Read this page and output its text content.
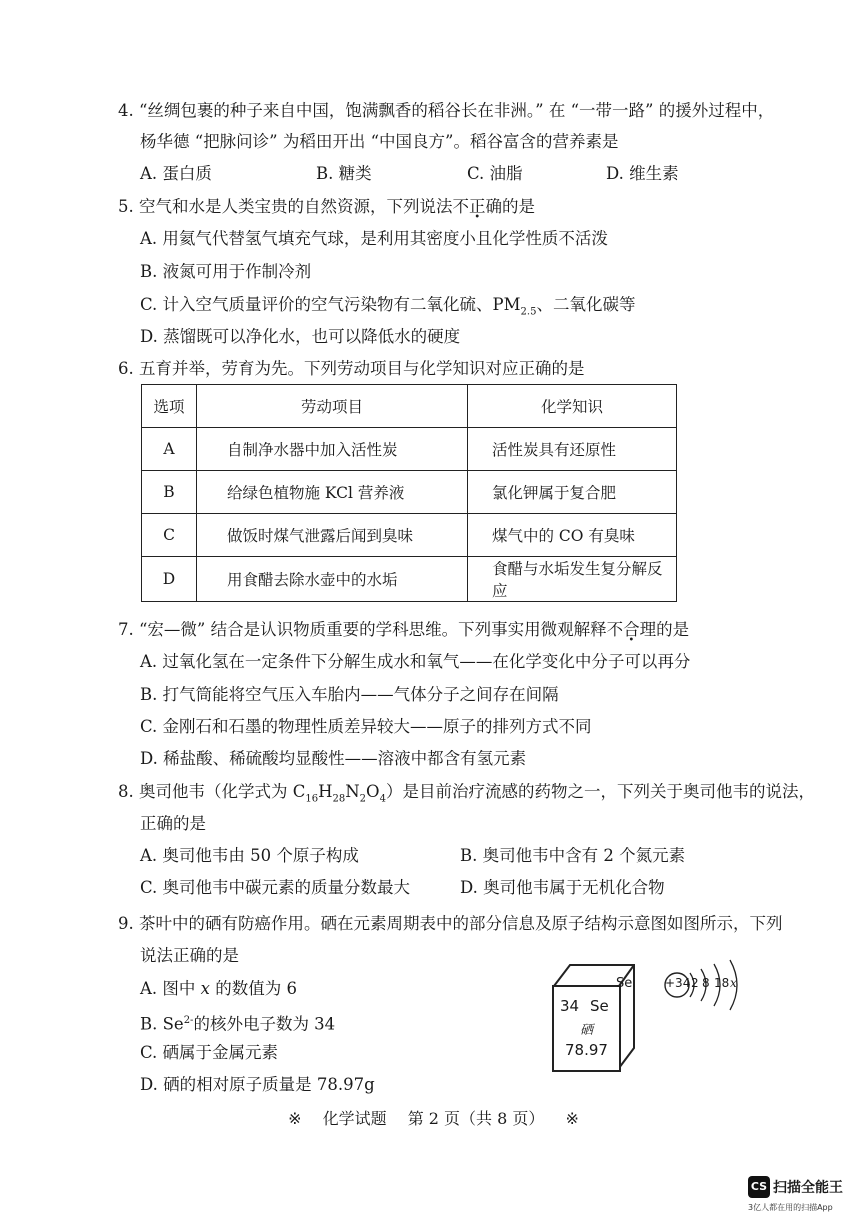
4. “丝绸包裹的种子来自中国，饱满飘香的稻谷长在非洲。” 在 “一带一路” 的援外过程中，
杨华德 “把脉问诊” 为稻田开出 “中国良方”。稻谷富含的营养素是
A. 蛋白质	B. 糖类	C. 油脂	D. 维生素
5. 空气和水是人类宝贵的自然资源，下列说法不正确的是
A. 用氦气代替氢气填充气球，是利用其密度小且化学性质不活泼
B. 液氮可用于作制冷剂
C. 计入空气质量评价的空气污染物有二氧化硫、$PM_{2.5}$、二氧化碳等
D. 蒸馏既可以净化水，也可以降低水的硬度
6. 五育并举，劳育为先。下列劳动项目与化学知识对应正确的是
选项	劳动项目	化学知识
A	自制净水器中加入活性炭	活性炭具有还原性
B	给绿色植物施 KCl 营养液	氯化钾属于复合肥
C	做饭时煤气泄露后闻到臭味	煤气中的 CO 有臭味
D	用食醋去除水壶中的水垢	食醋与水垢发生复分解反应
7. “宏—微” 结合是认识物质重要的学科思维。下列事实用微观解释不合理的是
A. 过氧化氢在一定条件下分解生成水和氧气——在化学变化中分子可以再分
B. 打气筒能将空气压入车胎内——气体分子之间存在间隔
C. 金刚石和石墨的物理性质差异较大——原子的排列方式不同
D. 稀盐酸、稀硫酸均显酸性——溶液中都含有氢元素
8. 奥司他韦（化学式为 $C_{16}H_{28}N_2O_4$）是目前治疗流感的药物之一，下列关于奥司他韦的说法，
正确的是
A. 奥司他韦由 50 个原子构成	B. 奥司他韦中含有 2 个氮元素
C. 奥司他韦中碳元素的质量分数最大	D. 奥司他韦属于无机化合物
9. 茶叶中的硒有防癌作用。硒在元素周期表中的部分信息及原子结构示意图如图所示，下列
说法正确的是
A. 图中 x 的数值为 6
B. $Se^{2-}$的核外电子数为 34
C. 硒属于金属元素
D. 硒的相对原子质量是 78.97g
34 Se
硒
78.97
Se	+34 2 8 18 x
※ 化学试题 第 2 页（共 8 页） ※
CS 扫描全能王
3亿人都在用的扫描App
